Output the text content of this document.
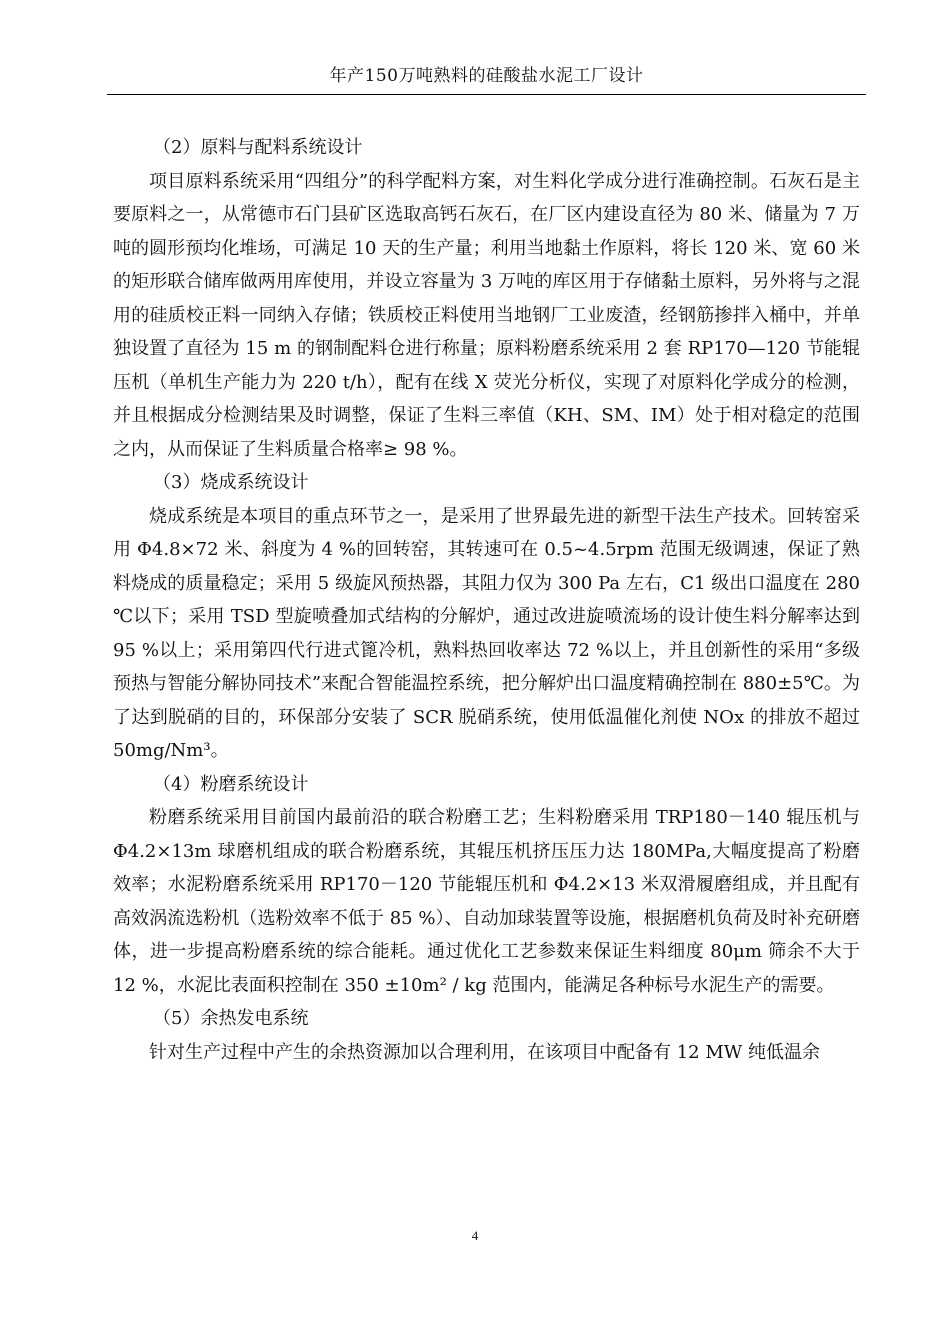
年产150万吨熟料的硅酸盐水泥工厂设计

（2）原料与配料系统设计

项目原料系统采用“四组分”的科学配料方案，对生料化学成分进行准确控制。石灰石是主要原料之一，从常德市石门县矿区选取高钙石灰石，在厂区内建设直径为 80 米、储量为 7 万吨的圆形预均化堆场，可满足 10 天的生产量；利用当地黏土作原料，将长 120 米、宽 60 米的矩形联合储库做两用库使用，并设立容量为 3 万吨的库区用于存储黏土原料，另外将与之混用的硅质校正料一同纳入存储；铁质校正料使用当地钢厂工业废渣，经钢筋掺拌入桶中，并单独设置了直径为 15 m 的钢制配料仓进行称量；原料粉磨系统采用 2 套 RP170—120 节能辊压机（单机生产能力为 220 t/h），配有在线 X 荧光分析仪，实现了对原料化学成分的检测，并且根据成分检测结果及时调整，保证了生料三率值（KH、SM、IM）处于相对稳定的范围之内，从而保证了生料质量合格率≥ 98 %。

（3）烧成系统设计

烧成系统是本项目的重点环节之一，是采用了世界最先进的新型干法生产技术。回转窑采用 Φ4.8×72 米、斜度为 4 %的回转窑，其转速可在 0.5~4.5rpm 范围无级调速，保证了熟料烧成的质量稳定；采用 5 级旋风预热器，其阻力仅为 300 Pa 左右，C1 级出口温度在 280 ℃以下；采用 TSD 型旋喷叠加式结构的分解炉，通过改进旋喷流场的设计使生料分解率达到 95 %以上；采用第四代行进式篦冷机，熟料热回收率达 72 %以上，并且创新性的采用“多级预热与智能分解协同技术”来配合智能温控系统，把分解炉出口温度精确控制在 880±5℃。为了达到脱硝的目的，环保部分安装了 SCR 脱硝系统，使用低温催化剂使 NOx 的排放不超过 50mg/Nm³。

（4）粉磨系统设计

粉磨系统采用目前国内最前沿的联合粉磨工艺；生料粉磨采用 TRP180－140 辊压机与 Φ4.2×13m 球磨机组成的联合粉磨系统，其辊压机挤压压力达 180MPa,大幅度提高了粉磨效率；水泥粉磨系统采用 RP170－120 节能辊压机和 Φ4.2×13 米双滑履磨组成，并且配有高效涡流选粉机（选粉效率不低于 85 %）、自动加球装置等设施，根据磨机负荷及时补充研磨体，进一步提高粉磨系统的综合能耗。通过优化工艺参数来保证生料细度 80μm 筛余不大于 12 %，水泥比表面积控制在 350 ±10m² / kg 范围内，能满足各种标号水泥生产的需要。

（5）余热发电系统

针对生产过程中产生的余热资源加以合理利用，在该项目中配备有 12 MW 纯低温余

4
